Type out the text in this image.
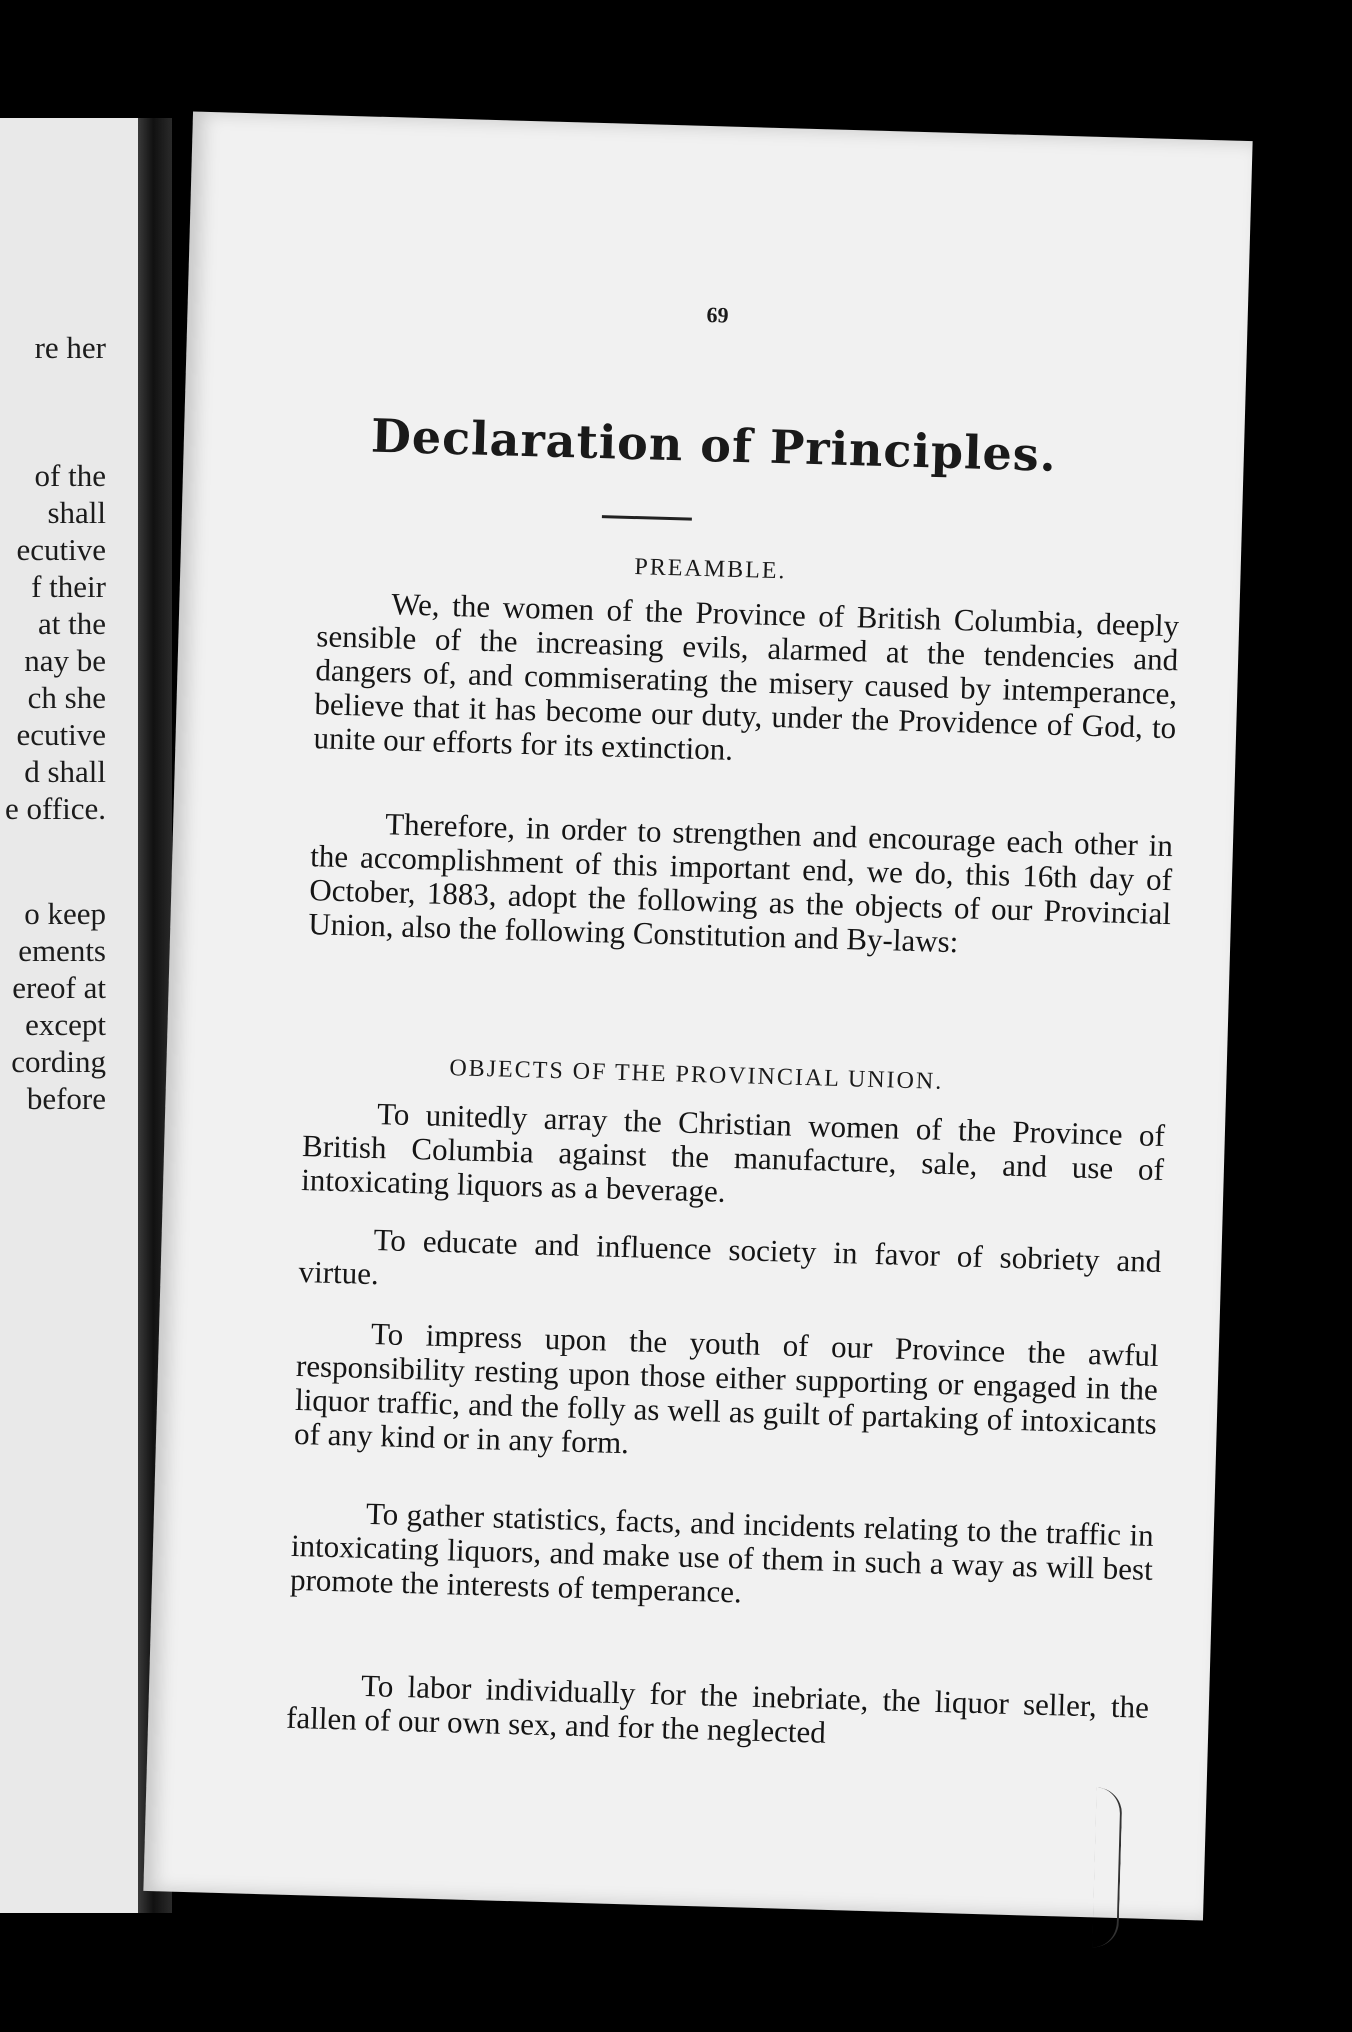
re her
of the
shall
ecutive
f their
at the
nay be
ch she
ecutive
d shall
e office.
o keep
ements
ereof at
except
cording
before
69
Declaration of Principles.
PREAMBLE.
We, the women of the Province of British Columbia, deeply sensible of the increasing evils, alarmed at the tendencies and dangers of, and commiserating the misery caused by intemperance, believe that it has become our duty, under the Providence of God, to unite our efforts for its extinction.
Therefore, in order to strengthen and encourage each other in the accomplishment of this important end, we do, this 16th day of October, 1883, adopt the following as the objects of our Provincial Union, also the following Constitution and By-laws:
OBJECTS OF THE PROVINCIAL UNION.
To unitedly array the Christian women of the Province of British Columbia against the manufacture, sale, and use of intoxicating liquors as a beverage.
To educate and influence society in favor of sobriety and virtue.
To impress upon the youth of our Province the awful responsibility resting upon those either supporting or engaged in the liquor traffic, and the folly as well as guilt of partaking of intoxicants of any kind or in any form.
To gather statistics, facts, and incidents relating to the traffic in intoxicating liquors, and make use of them in such a way as will best promote the interests of temperance.
To labor individually for the inebriate, the liquor seller, the fallen of our own sex, and for the neglected
